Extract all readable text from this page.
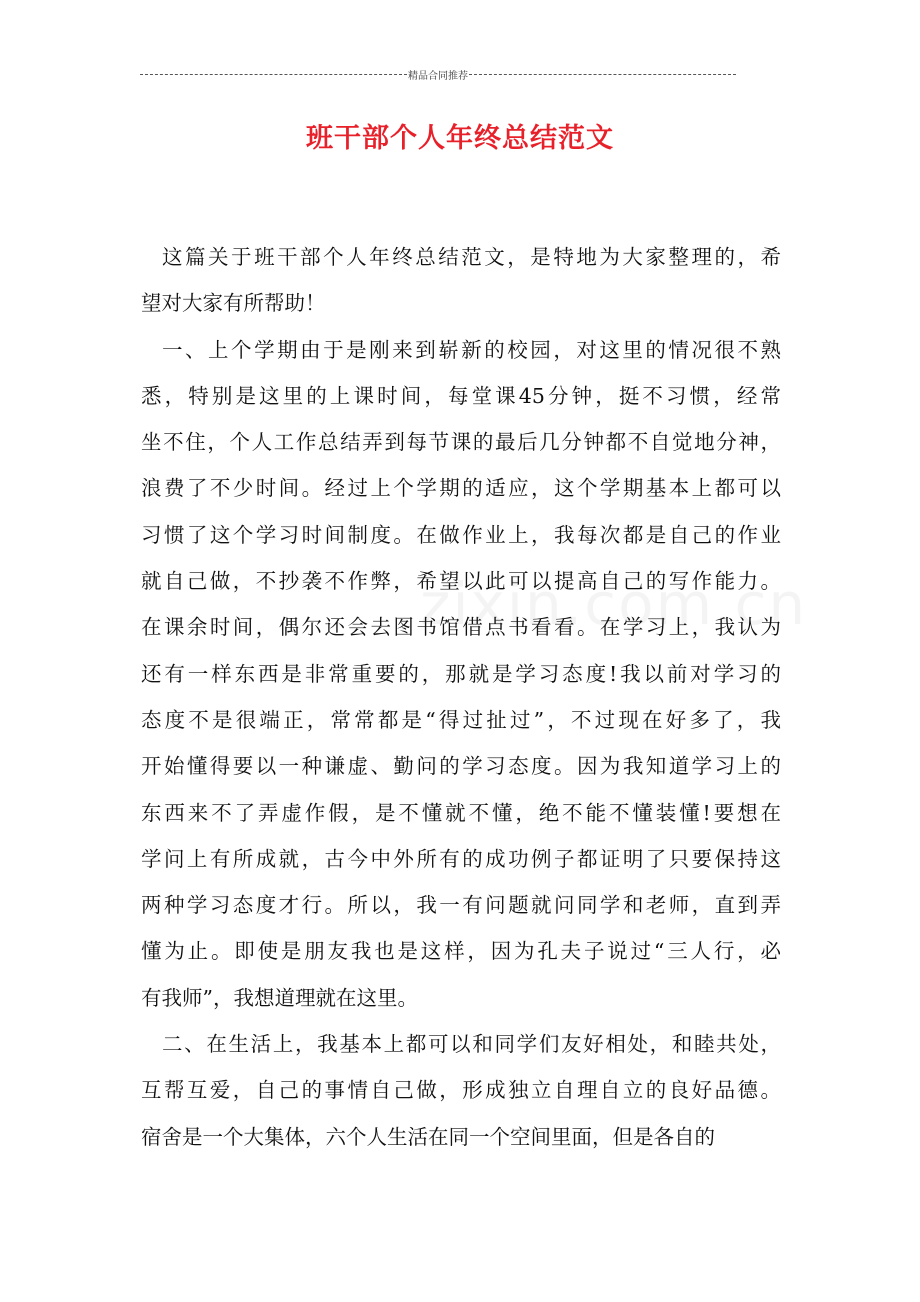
精品合同推荐
班干部个人年终总结范文

这篇关于班干部个人年终总结范文，是特地为大家整理的，希
望对大家有所帮助！

一、上个学期由于是刚来到崭新的校园，对这里的情况很不熟
悉，特别是这里的上课时间，每堂课45分钟，挺不习惯，经常
坐不住，个人工作总结弄到每节课的最后几分钟都不自觉地分神，
浪费了不少时间。经过上个学期的适应，这个学期基本上都可以
习惯了这个学习时间制度。在做作业上，我每次都是自己的作业
就自己做，不抄袭不作弊，希望以此可以提高自己的写作能力。
在课余时间，偶尔还会去图书馆借点书看看。在学习上，我认为
还有一样东西是非常重要的，那就是学习态度!我以前对学习的
态度不是很端正，常常都是“得过扯过”，不过现在好多了，我
开始懂得要以一种谦虚、勤问的学习态度。因为我知道学习上的
东西来不了弄虚作假，是不懂就不懂，绝不能不懂装懂!要想在
学问上有所成就，古今中外所有的成功例子都证明了只要保持这
两种学习态度才行。所以，我一有问题就问同学和老师，直到弄
懂为止。即使是朋友我也是这样，因为孔夫子说过“三人行，必
有我师”，我想道理就在这里。

二、在生活上，我基本上都可以和同学们友好相处，和睦共处，
互帮互爱，自己的事情自己做，形成独立自理自立的良好品德。
宿舍是一个大集体，六个人生活在同一个空间里面，但是各自的
